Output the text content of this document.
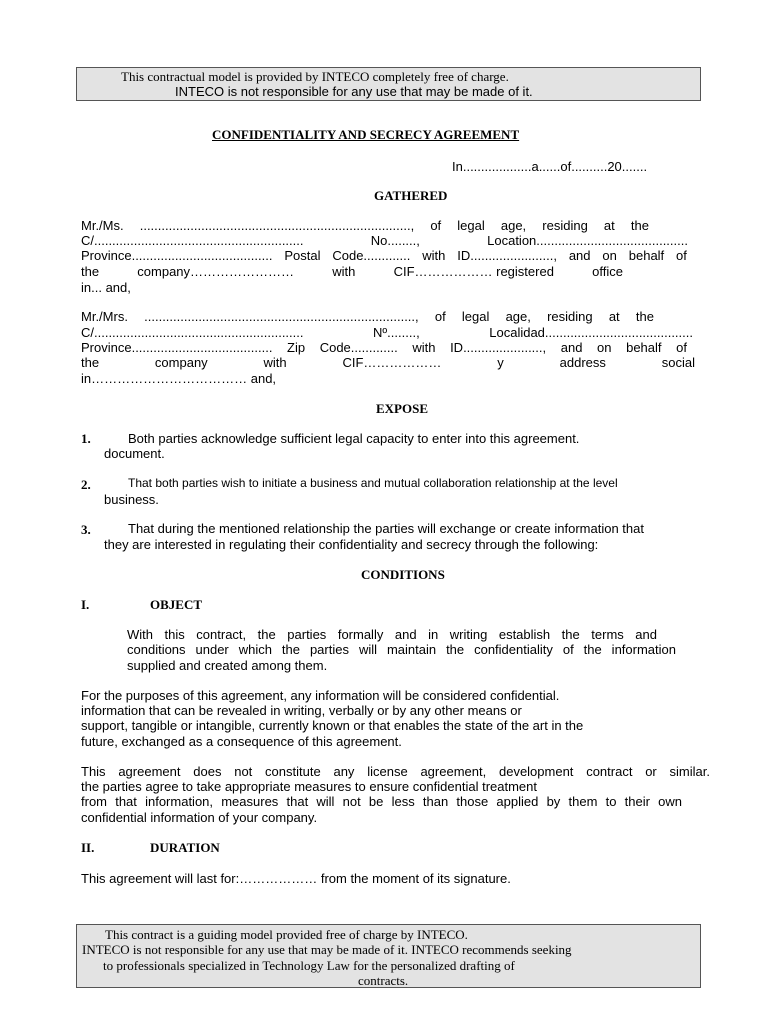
This contractual model is provided by INTECO completely free of charge.
INTECO is not responsible for any use that may be made of it.
CONFIDENTIALITY AND SECRECY AGREEMENT
In...................a......of..........20.......
GATHERED
Mr./Ms. ..........................................................................., of legal age, residing at the
C/..........................................................	No........,	Location..........................................
Province....................................... Postal Code............. with ID......................., and on behalf of
the	company……………………	with	CIF……………… registered	office
in... and,
Mr./Mrs. ..........................................................................., of legal age, residing at the
C/..........................................................	Nº........,	Localidad.........................................
Province....................................... Zip Code............. with ID......................, and on behalf of
the	company	with	CIF………………	y	address	social
in……………………………… and,
EXPOSE
1.	Both parties acknowledge sufficient legal capacity to enter into this agreement.
document.
2.	That both parties wish to initiate a business and mutual collaboration relationship at the level
business.
3.	That during the mentioned relationship the parties will exchange or create information that
they are interested in regulating their confidentiality and secrecy through the following:
CONDITIONS
I.	OBJECT
With this contract, the parties formally and in writing establish the terms and
conditions under which the parties will maintain the confidentiality of the information
supplied and created among them.
For the purposes of this agreement, any information will be considered confidential.
information that can be revealed in writing, verbally or by any other means or
support, tangible or intangible, currently known or that enables the state of the art in the
future, exchanged as a consequence of this agreement.
This agreement does not constitute any license agreement, development contract or similar.
the parties agree to take appropriate measures to ensure confidential treatment
from that information, measures that will not be less than those applied by them to their own
confidential information of your company.
II.	DURATION
This agreement will last for:……………… from the moment of its signature.
This contract is a guiding model provided free of charge by INTECO.
INTECO is not responsible for any use that may be made of it. INTECO recommends seeking
to professionals specialized in Technology Law for the personalized drafting of
contracts.
